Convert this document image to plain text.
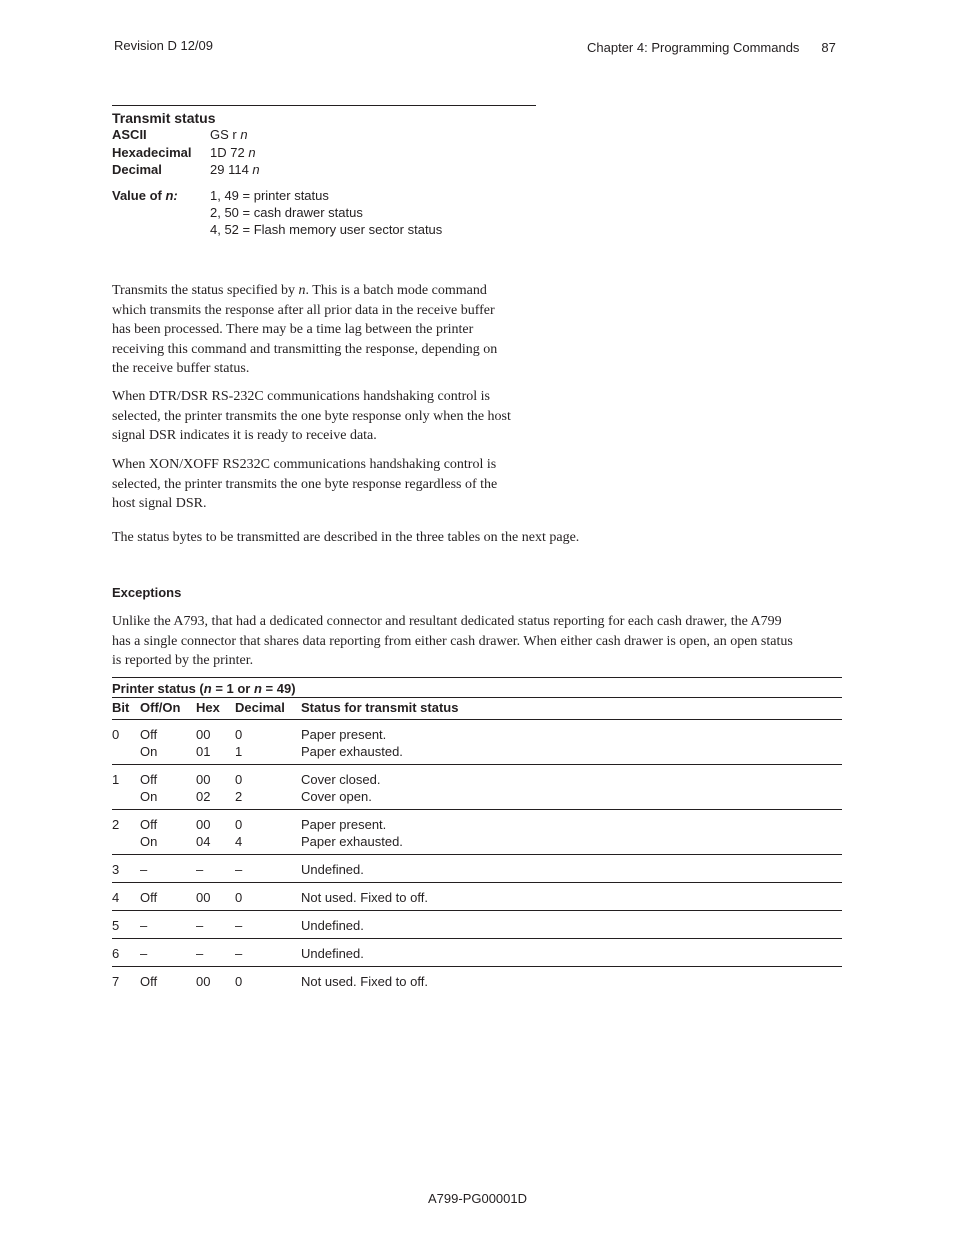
Revision D 12/09	Chapter 4: Programming Commands 87
Transmit status
ASCII	GS r n
Hexadecimal	1D 72 n
Decimal	29 114 n
Value of n:	1, 49 = printer status
2, 50 = cash drawer status
4, 52 = Flash memory user sector status
Transmits the status specified by n. This is a batch mode command
which transmits the response after all prior data in the receive buffer
has been processed. There may be a time lag between the printer
receiving this command and transmitting the response, depending on
the receive buffer status.
When DTR/DSR RS-232C communications handshaking control is
selected, the printer transmits the one byte response only when the host
signal DSR indicates it is ready to receive data.
When XON/XOFF RS232C communications handshaking control is
selected, the printer transmits the one byte response regardless of the
host signal DSR.
The status bytes to be transmitted are described in the three tables on the next page.
Exceptions
Unlike the A793, that had a dedicated connector and resultant dedicated status reporting for each cash drawer, the A799
has a single connector that shares data reporting from either cash drawer. When either cash drawer is open, an open status
is reported by the printer.
Printer status (n = 1 or n = 49)
Bit Off/On	Hex	Decimal	Status for transmit status
0	Off	00	0	Paper present.
On	01	1	Paper exhausted.
1	Off	00	0	Cover closed.
On	02	2	Cover open.
2	Off	00	0	Paper present.
On	04	4	Paper exhausted.
3	–	–	–	Undefined.
4	Off	00	0	Not used. Fixed to off.
5	–	–	–	Undefined.
6	–	–	–	Undefined.
7	Off	00	0	Not used. Fixed to off.
A799-PG00001D
